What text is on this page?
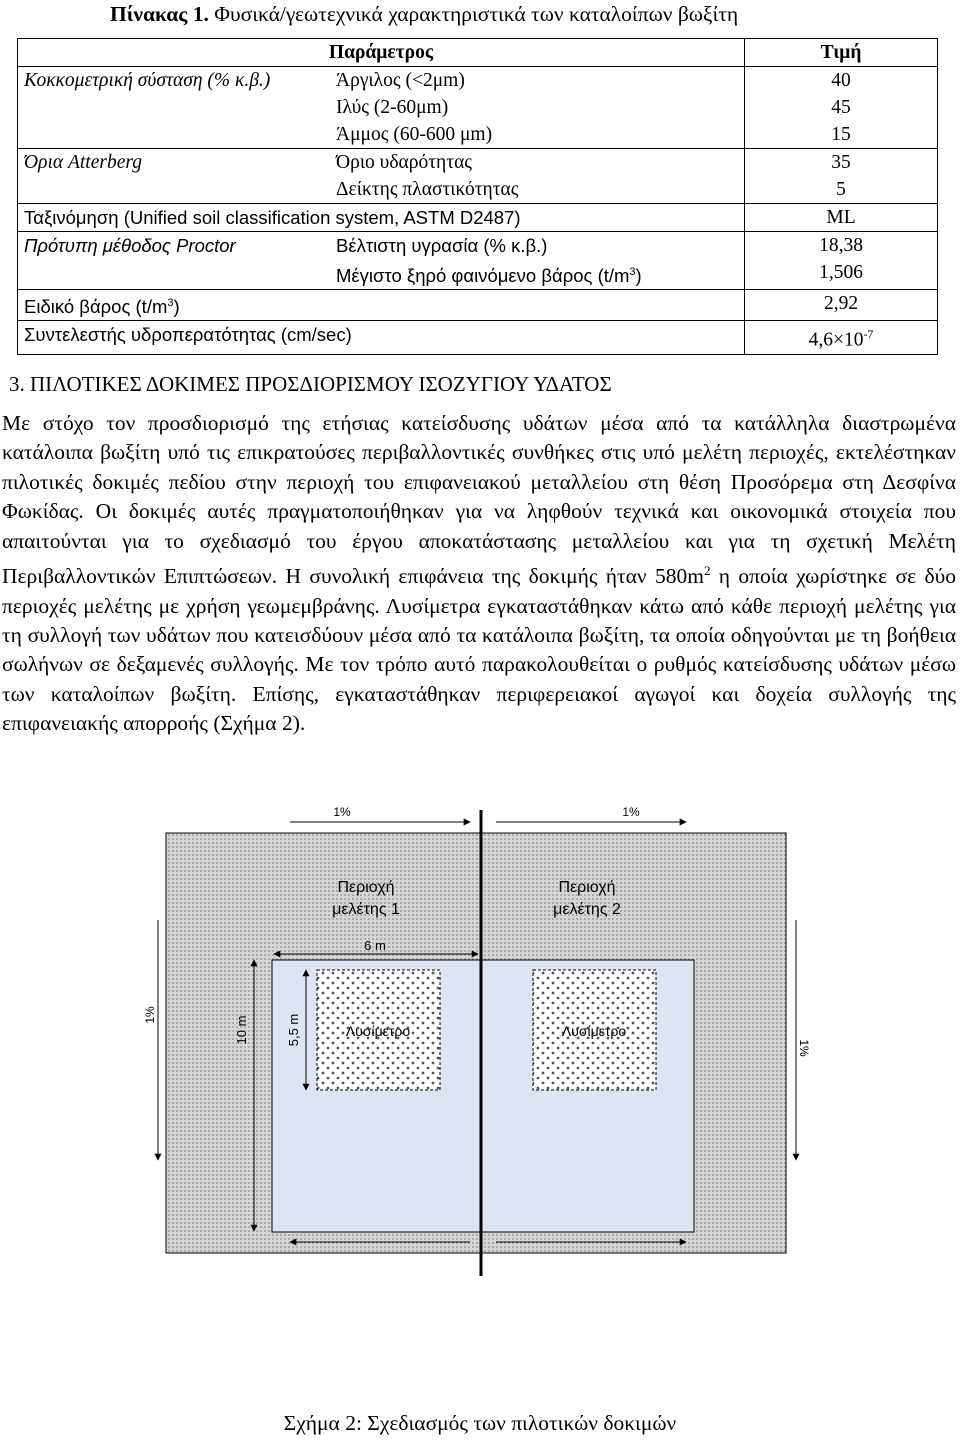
Πίνακας 1. Φυσικά/γεωτεχνικά χαρακτηριστικά των καταλοίπων βωξίτη
Παράμετρος		Τιμή
Κοκκομετρική σύσταση (% κ.β.)	Άργιλος (<2μm)	40
	Ιλύς (2-60μm)	45
	Άμμος (60-600 μm)	15
Όρια Atterberg	Όριο υδαρότητας	35
	Δείκτης πλαστικότητας	5
Ταξινόμηση (Unified soil classification system, ASTM D2487)		ML
Πρότυπη μέθοδος Proctor	Βέλτιστη υγρασία (% κ.β.)	18,38
	Μέγιστο ξηρό φαινόμενο βάρος $(t/m^3)$	1,506
Ειδικό βάρος $(t/m^3)$		2,92
Συντελεστής υδροπερατότητας (cm/sec)		$4,6\times 10^{-7}$
3. ΠΙΛΟΤΙΚΕΣ ΔΟΚΙΜΕΣ ΠΡΟΣΔΙΟΡΙΣΜΟΥ ΙΣΟΖΥΓΙΟΥ ΥΔΑΤΟΣ

Με στόχο τον προσδιορισμό της ετήσιας κατείσδυσης υδάτων μέσα από τα κατάλληλα διαστρωμένα κατάλοιπα βωξίτη υπό τις επικρατούσες περιβαλλοντικές συνθήκες στις υπό μελέτη περιοχές, εκτελέστηκαν πιλοτικές δοκιμές πεδίου στην περιοχή του επιφανειακού μεταλλείου στη θέση Προσόρεμα στη Δεσφίνα Φωκίδας. Οι δοκιμές αυτές πραγματοποιήθηκαν για να ληφθούν τεχνικά και οικονομικά στοιχεία που απαιτούνται για το σχεδιασμό του έργου αποκατάστασης μεταλλείου και για τη σχετική Μελέτη Περιβαλλοντικών Επιπτώσεων. Η συνολική επιφάνεια της δοκιμής ήταν $580m^2$ η οποία χωρίστηκε σε δύο περιοχές μελέτης με χρήση γεωμεμβράνης. Λυσίμετρα εγκαταστάθηκαν κάτω από κάθε περιοχή μελέτης για τη συλλογή των υδάτων που κατεισδύουν μέσα από τα κατάλοιπα βωξίτη, τα οποία οδηγούνται με τη βοήθεια σωλήνων σε δεξαμενές συλλογής. Με τον τρόπο αυτό παρακολουθείται ο ρυθμός κατείσδυσης υδάτων μέσω των καταλοίπων βωξίτη. Επίσης, εγκαταστάθηκαν περιφερειακοί αγωγοί και δοχεία συλλογής της επιφανειακής απορροής (Σχήμα 2).

Λυσίμετρο	Λυσίμετρο
1%	1%
Περιοχή
μελέτης 1
Περιοχή
μελέτης 2
6 m
10 m	5,5 m
1%
1%
Σχήμα 2: Σχεδιασμός των πιλοτικών δοκιμών
